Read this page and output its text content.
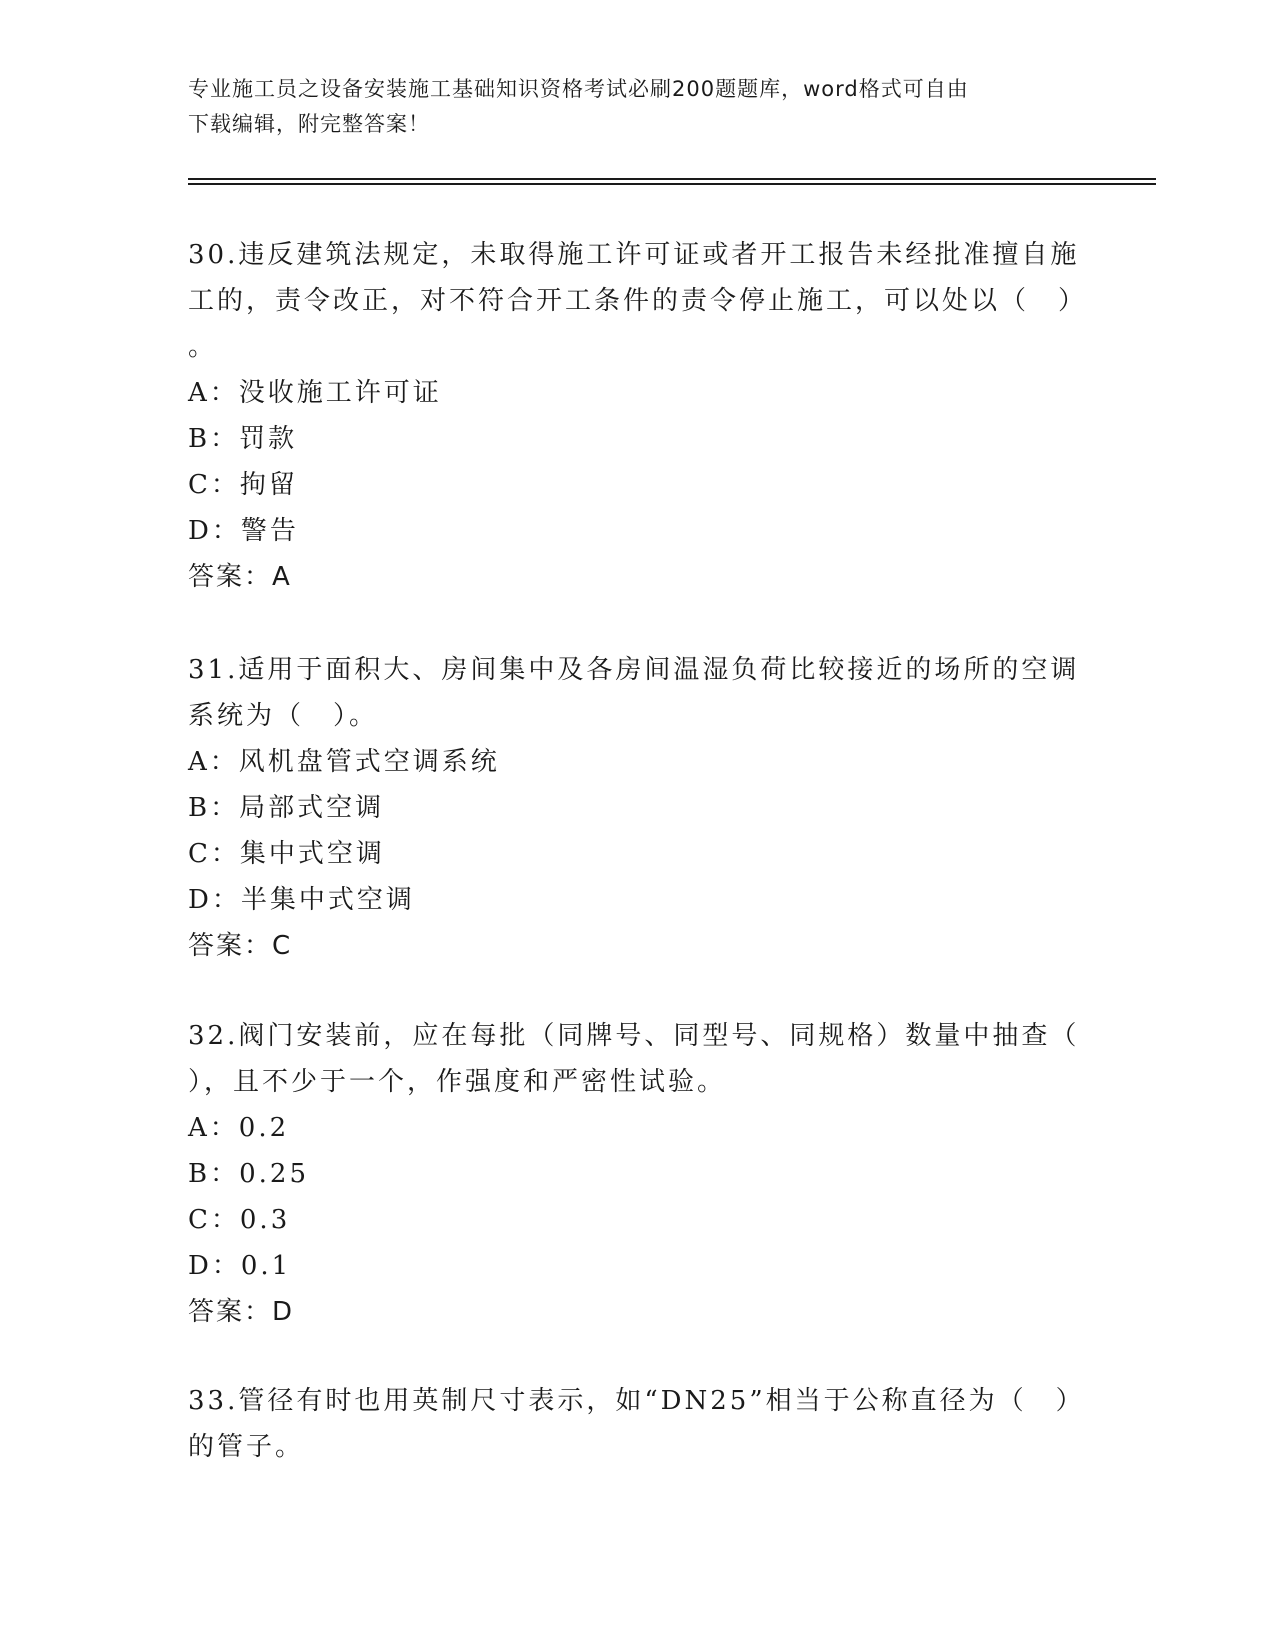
专业施工员之设备安装施工基础知识资格考试必刷200题题库，word格式可自由
下载编辑，附完整答案！

30.违反建筑法规定，未取得施工许可证或者开工报告未经批准擅自施

工的，责令改正，对不符合开工条件的责令停止施工，可以处以（　）

。

A：没收施工许可证

B：罚款

C：拘留

D：警告

答案：A

31.适用于面积大、房间集中及各房间温湿负荷比较接近的场所的空调

系统为（　）。

A：风机盘管式空调系统

B：局部式空调

C：集中式空调

D：半集中式空调

答案：C

32.阀门安装前，应在每批（同牌号、同型号、同规格）数量中抽查（

），且不少于一个，作强度和严密性试验。

A：0.2

B：0.25

C：0.3

D：0.1

答案：D

33.管径有时也用英制尺寸表示，如“DN25”相当于公称直径为（　）

的管子。
